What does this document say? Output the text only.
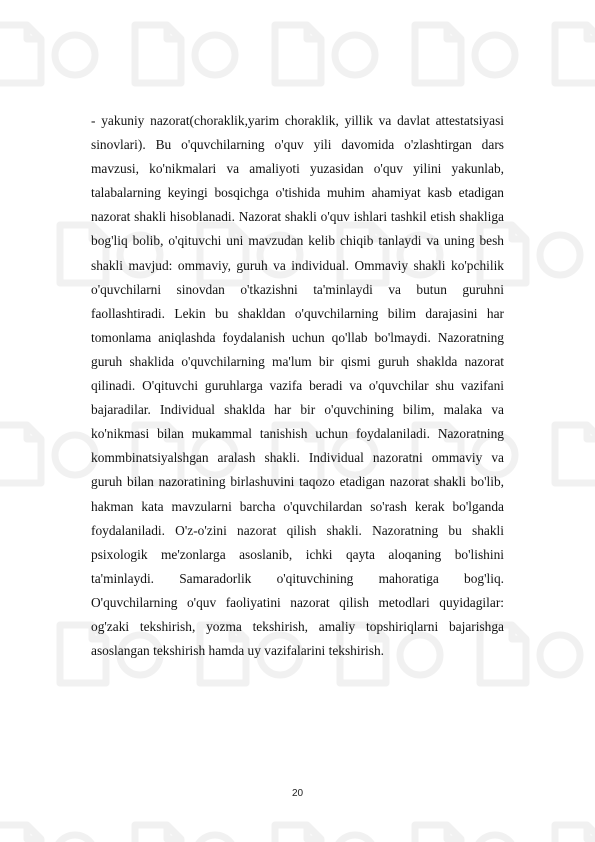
- yakuniy nazorat(choraklik,yarim choraklik, yillik va davlat attestatsiyasi sinovlari). Bu o'quvchilarning o'quv yili davomida o'zlashtirgan dars mavzusi, ko'nikmalari va amaliyoti yuzasidan o'quv yilini yakunlab, talabalarning keyingi bosqichga o'tishida muhim ahamiyat kasb etadigan nazorat shakli hisoblanadi. Nazorat shakli o'quv ishlari tashkil etish shakliga bog'liq bolib, o'qituvchi uni mavzudan kelib chiqib tanlaydi va uning besh shakli mavjud: ommaviy, guruh va individual. Ommaviy shakli ko'pchilik o'quvchilarni sinovdan o'tkazishni ta'minlaydi va butun guruhni faollashtiradi. Lekin bu shakldan o'quvchilarning bilim darajasini har tomonlama aniqlashda foydalanish uchun qo'llab bo'lmaydi. Nazoratning guruh shaklida o'quvchilarning ma'lum bir qismi guruh shaklda nazorat qilinadi. O'qituvchi guruhlarga vazifa beradi va o'quvchilar shu vazifani bajaradilar. Individual shaklda har bir o'quvchining bilim, malaka va ko'nikmasi bilan mukammal tanishish uchun foydalaniladi. Nazoratning kommbinatsiyalshgan aralash shakli. Individual nazoratni ommaviy va guruh bilan nazoratining birlashuvini taqozo etadigan nazorat shakli bo'lib, hakman kata mavzularni barcha o'quvchilardan so'rash kerak bo'lganda foydalaniladi. O'z-o'zini nazorat qilish shakli. Nazoratning bu shakli psixologik me'zonlarga asoslanib, ichki qayta aloqaning bo'lishini ta'minlaydi. Samaradorlik o'qituvchining mahoratiga bog'liq. O'quvchilarning o'quv faoliyatini nazorat qilish metodlari quyidagilar: og'zaki tekshirish, yozma tekshirish, amaliy topshiriqlarni bajarishga asoslangan tekshirish hamda uy vazifalarini tekshirish.

20
